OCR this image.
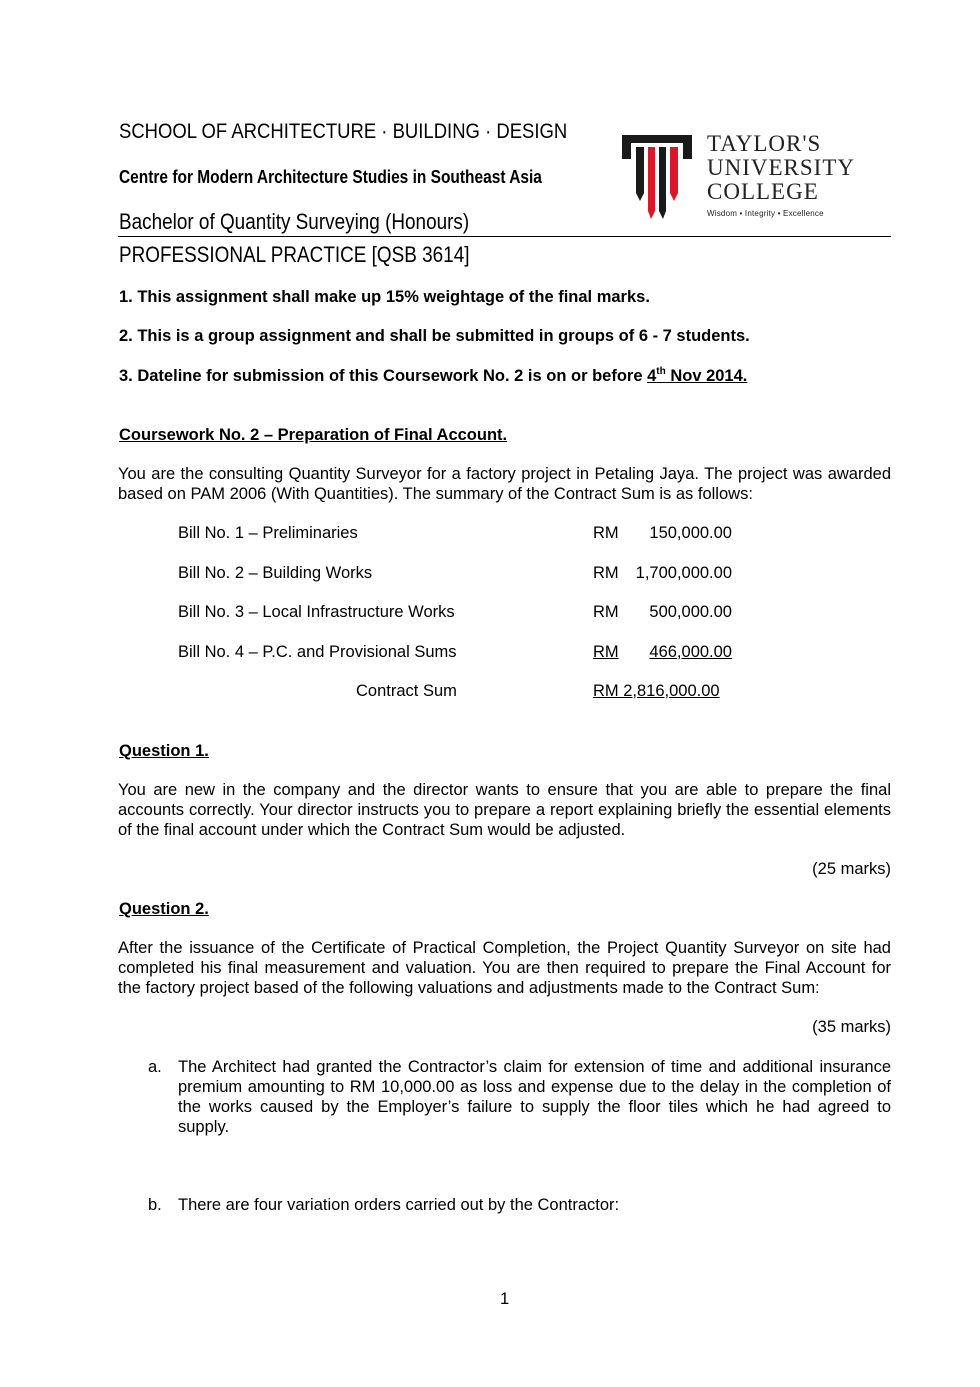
SCHOOL OF ARCHITECTURE · BUILDING · DESIGN

Centre for Modern Architecture Studies in Southeast Asia

Bachelor of Quantity Surveying (Honours)

PROFESSIONAL PRACTICE [QSB 3614]

TAYLOR'S
UNIVERSITY
COLLEGE
Wisdom • Integrity • Excellence

1. This assignment shall make up 15% weightage of the final marks.

2. This is a group assignment and shall be submitted in groups of 6 - 7 students.

3. Dateline for submission of this Coursework No. 2 is on or before 4th Nov 2014.

Coursework No. 2 – Preparation of Final Account.

You are the consulting Quantity Surveyor for a factory project in Petaling Jaya. The project was awarded based on PAM 2006 (With Quantities). The summary of the Contract Sum is as follows:

Bill No. 1 – Preliminaries	RM 150,000.00

Bill No. 2 – Building Works	RM 1,700,000.00

Bill No. 3 – Local Infrastructure Works	RM 500,000.00

Bill No. 4 – P.C. and Provisional Sums	RM	466,000.00

Contract Sum	RM 2,816,000.00

Question 1.

You are new in the company and the director wants to ensure that you are able to prepare the final accounts correctly. Your director instructs you to prepare a report explaining briefly the essential elements of the final account under which the Contract Sum would be adjusted.

(25 marks)

Question 2.

After the issuance of the Certificate of Practical Completion, the Project Quantity Surveyor on site had completed his final measurement and valuation. You are then required to prepare the Final Account for the factory project based of the following valuations and adjustments made to the Contract Sum:

(35 marks)

a. The Architect had granted the Contractor’s claim for extension of time and additional insurance premium amounting to RM 10,000.00 as loss and expense due to the delay in the completion of the works caused by the Employer’s failure to supply the floor tiles which he had agreed to supply.

b. There are four variation orders carried out by the Contractor:

1
